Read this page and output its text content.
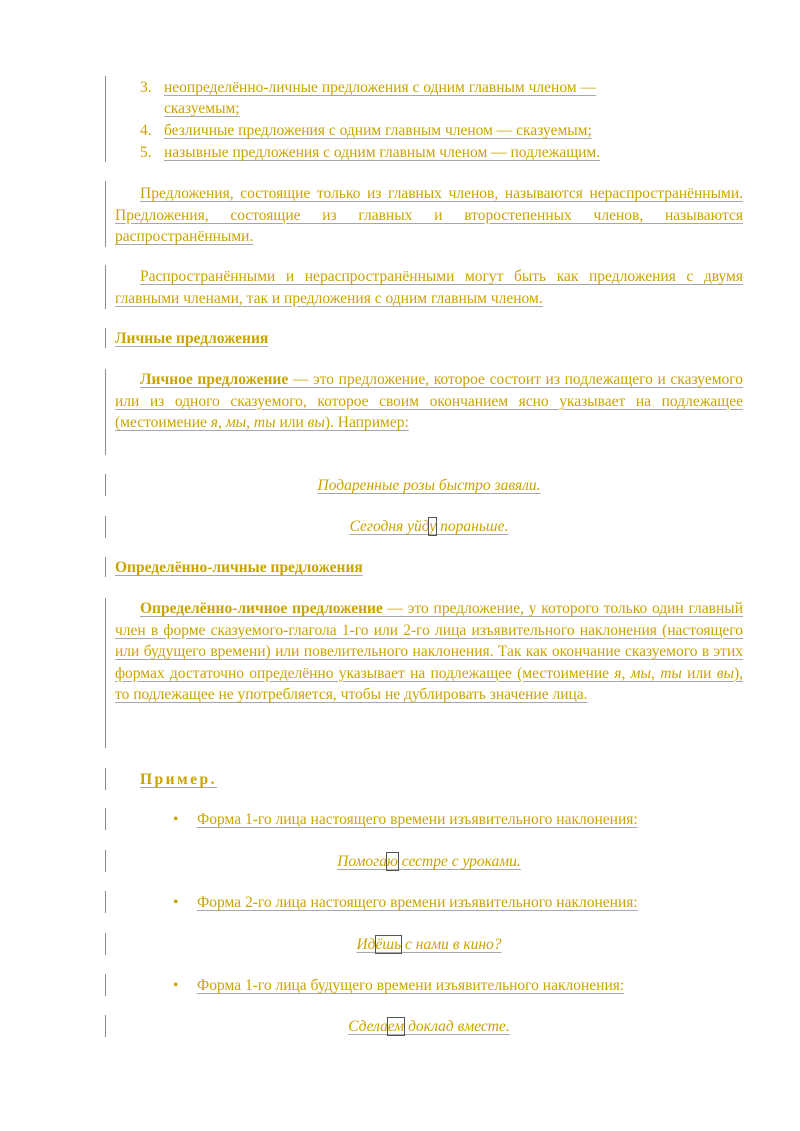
3. неопределённо-личные предложения с одним главным членом —
сказуемым;
4. безличные предложения с одним главным членом — сказуемым;
5. назывные предложения с одним главным членом — подлежащим.
Предложения, состоящие только из главных членов, называются нераспространёнными. Предложения, состоящие из главных и второстепенных членов, называются распространёнными.
Распространёнными и нераспространёнными могут быть как предложения с двумя главными членами, так и предложения с одним главным членом.
Личные предложения
Личное предложение — это предложение, которое состоит из подлежащего и сказуемого или из одного сказуемого, которое своим окончанием ясно указывает на подлежащее (местоимение я, мы, ты или вы). Например:
Подаренные розы быстро завяли.
Сегодня уйду пораньше.
Определённо-личные предложения
Определённо-личное предложение — это предложение, у которого только один главный член в форме сказуемого-глагола 1-го или 2-го лица изъявительного наклонения (настоящего или будущего времени) или повелительного наклонения. Так как окончание сказуемого в этих формах достаточно определённо указывает на подлежащее (местоимение я, мы, ты или вы), то подлежащее не употребляется, чтобы не дублировать значение лица.
Пример.
• Форма 1-го лица настоящего времени изъявительного наклонения:
Помогаю сестре с уроками.
• Форма 2-го лица настоящего времени изъявительного наклонения:
Идёшь с нами в кино?
• Форма 1-го лица будущего времени изъявительного наклонения:
Сделаем доклад вместе.
